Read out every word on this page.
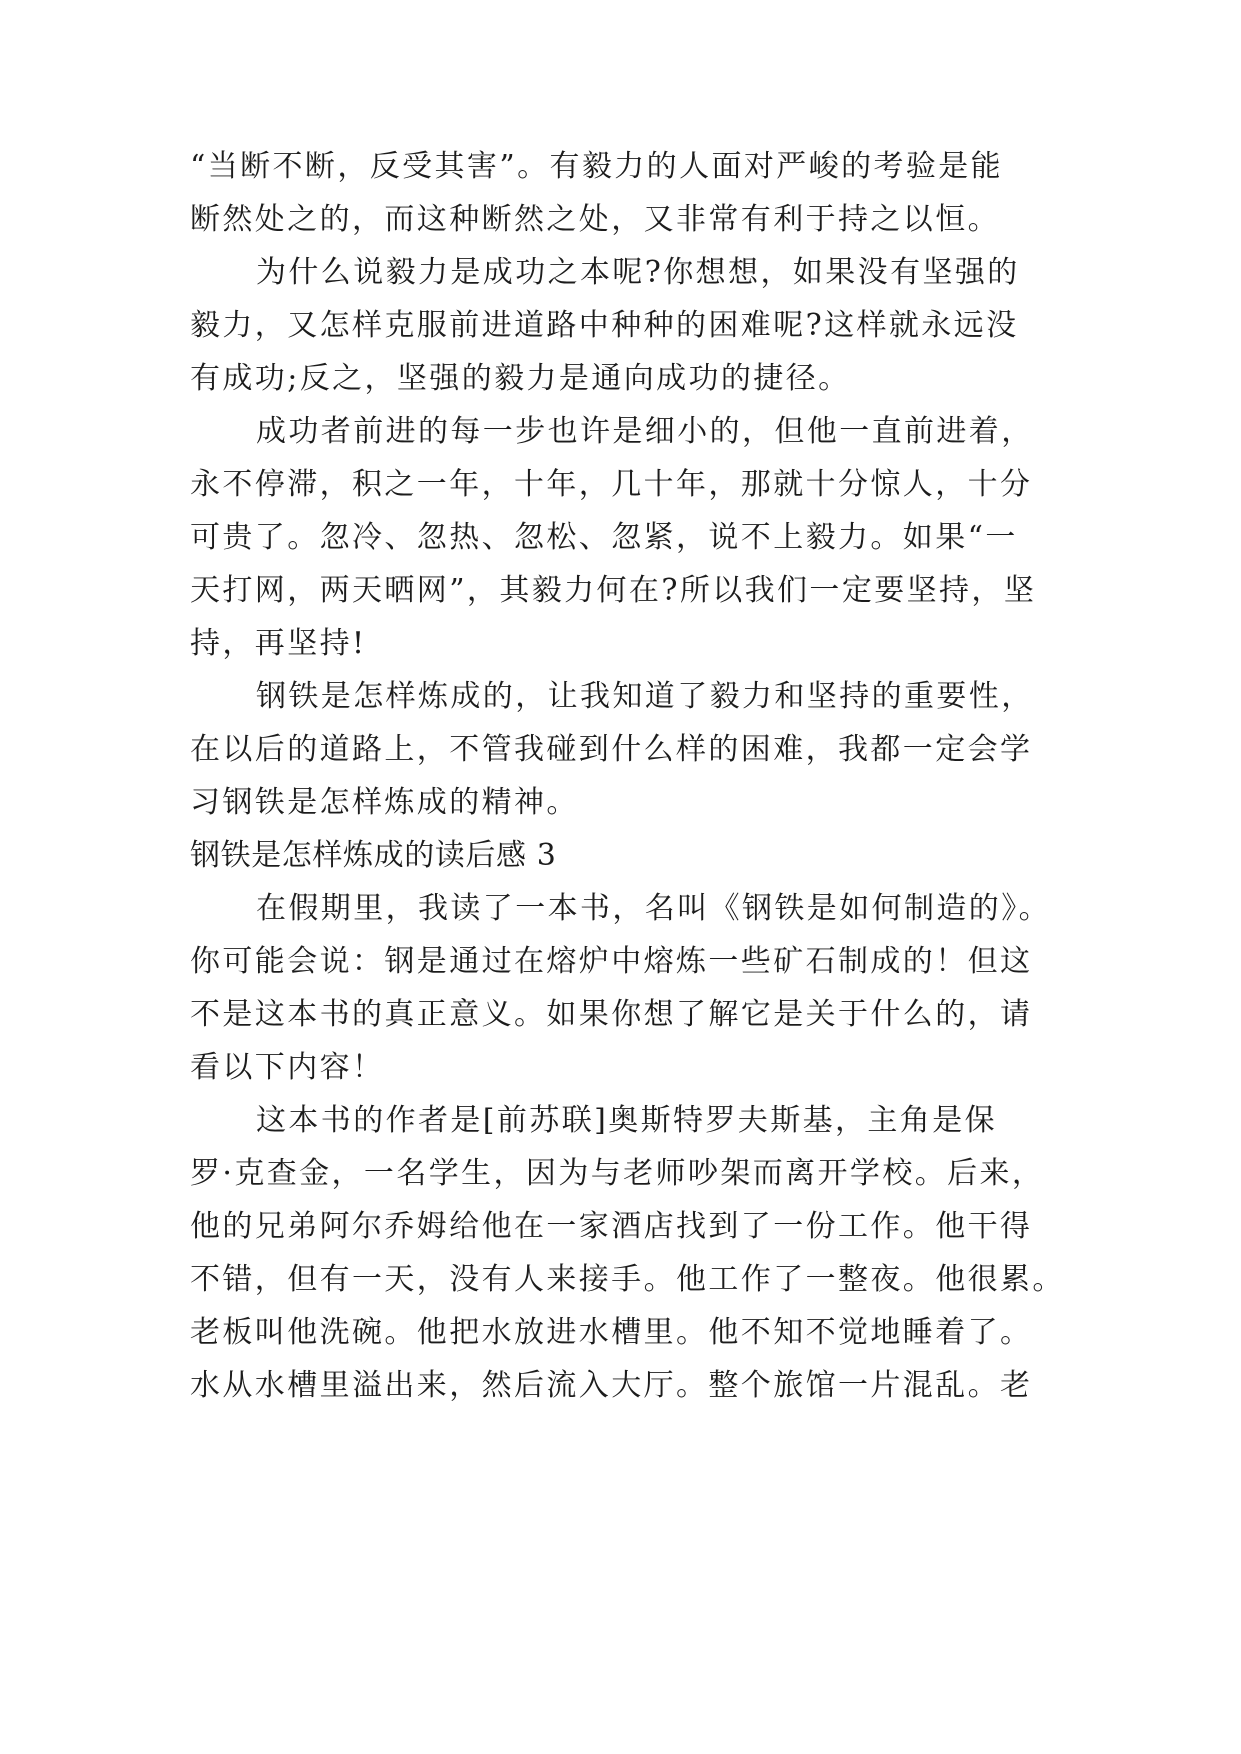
“当断不断，反受其害”。有毅力的人面对严峻的考验是能
断然处之的，而这种断然之处，又非常有利于持之以恒。
为什么说毅力是成功之本呢?你想想，如果没有坚强的
毅力，又怎样克服前进道路中种种的困难呢?这样就永远没
有成功;反之，坚强的毅力是通向成功的捷径。
成功者前进的每一步也许是细小的，但他一直前进着，
永不停滞，积之一年，十年，几十年，那就十分惊人，十分
可贵了。忽冷、忽热、忽松、忽紧，说不上毅力。如果“一
天打网，两天晒网”，其毅力何在?所以我们一定要坚持，坚
持，再坚持!
钢铁是怎样炼成的，让我知道了毅力和坚持的重要性，
在以后的道路上，不管我碰到什么样的困难，我都一定会学
习钢铁是怎样炼成的精神。
钢铁是怎样炼成的读后感 3
在假期里，我读了一本书，名叫《钢铁是如何制造的》。
你可能会说：钢是通过在熔炉中熔炼一些矿石制成的！但这
不是这本书的真正意义。如果你想了解它是关于什么的，请
看以下内容！
这本书的作者是[前苏联]奥斯特罗夫斯基，主角是保
罗·克查金，一名学生，因为与老师吵架而离开学校。后来，
他的兄弟阿尔乔姆给他在一家酒店找到了一份工作。他干得
不错，但有一天，没有人来接手。他工作了一整夜。他很累。
老板叫他洗碗。他把水放进水槽里。他不知不觉地睡着了。
水从水槽里溢出来，然后流入大厅。整个旅馆一片混乱。老
